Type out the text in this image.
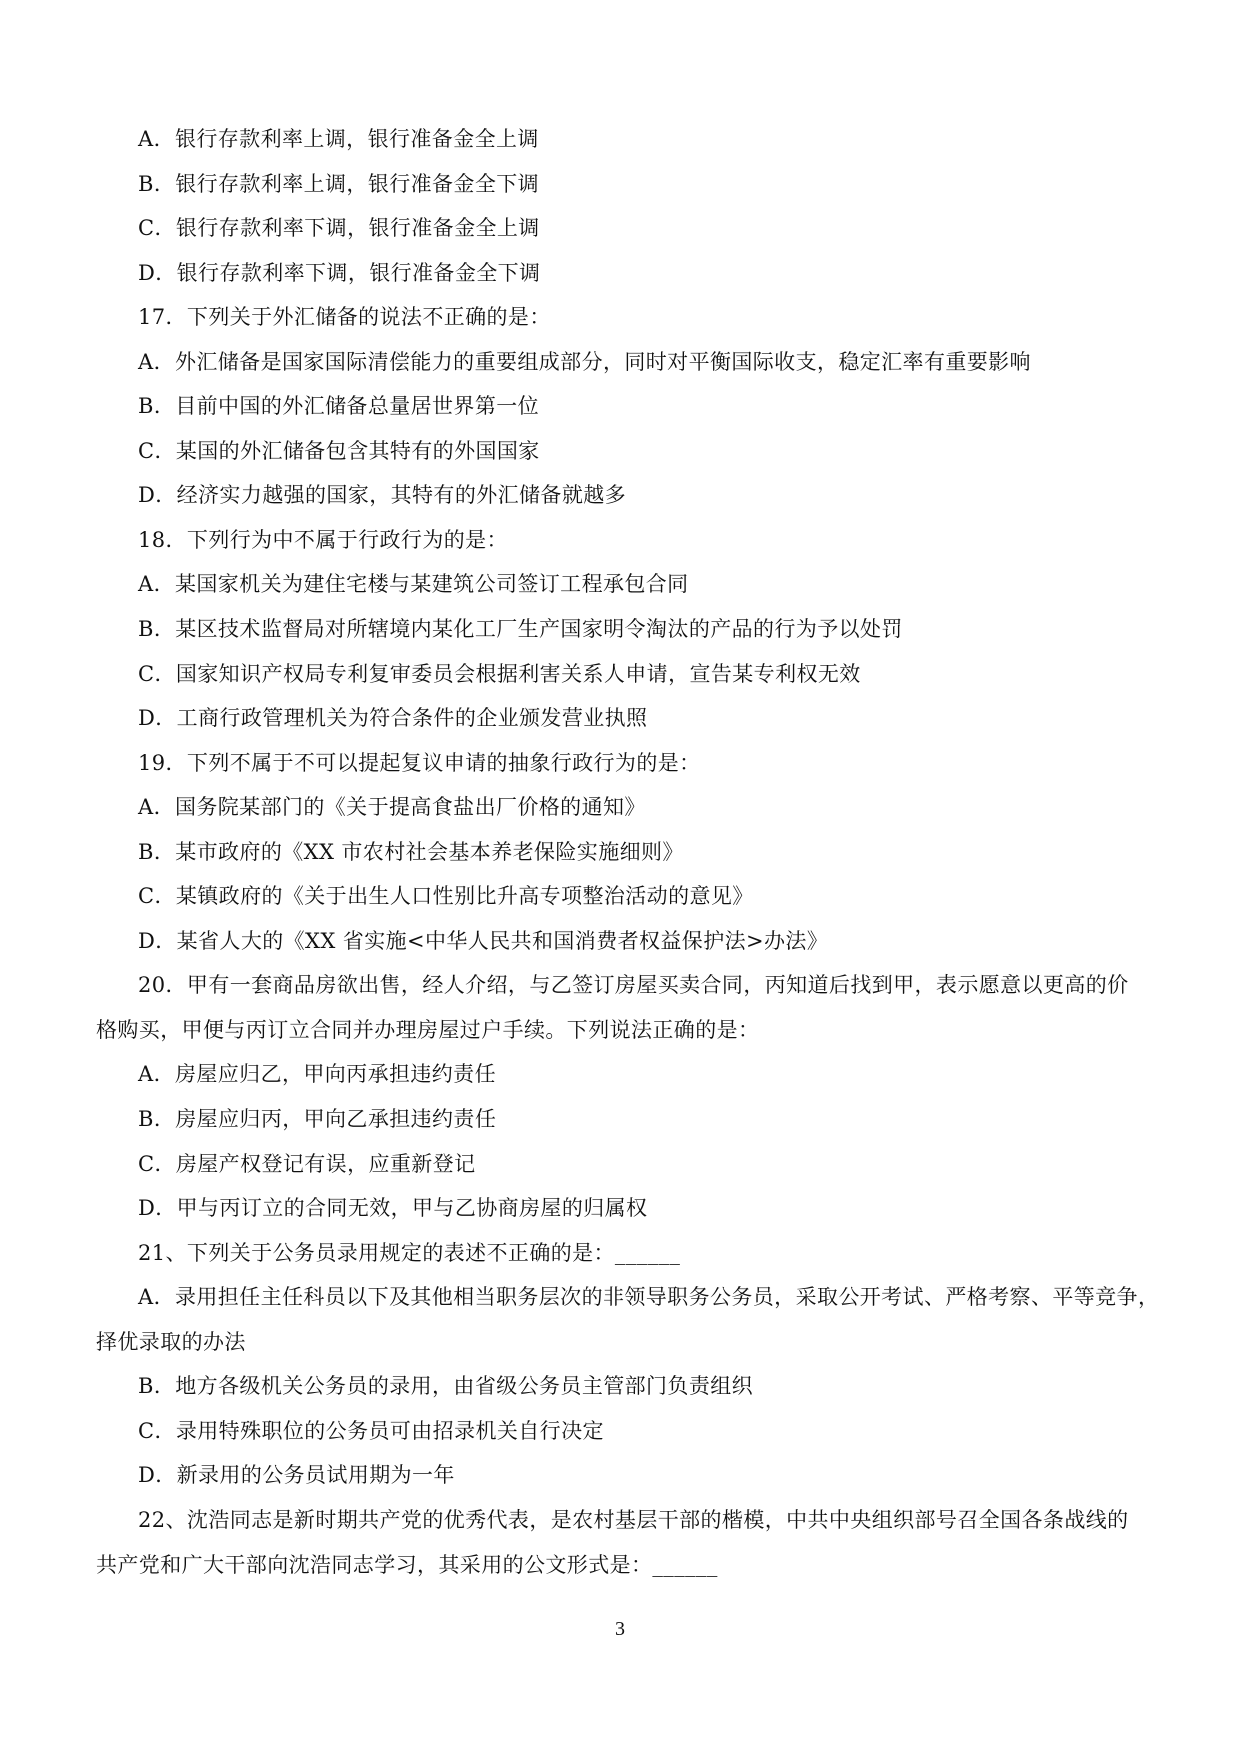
A．银行存款利率上调，银行准备金全上调
B．银行存款利率上调，银行准备金全下调
C．银行存款利率下调，银行准备金全上调
D．银行存款利率下调，银行准备金全下调
17．下列关于外汇储备的说法不正确的是：
A．外汇储备是国家国际清偿能力的重要组成部分，同时对平衡国际收支，稳定汇率有重要影响
B．目前中国的外汇储备总量居世界第一位
C．某国的外汇储备包含其特有的外国国家
D．经济实力越强的国家，其特有的外汇储备就越多
18．下列行为中不属于行政行为的是：
A．某国家机关为建住宅楼与某建筑公司签订工程承包合同
B．某区技术监督局对所辖境内某化工厂生产国家明令淘汰的产品的行为予以处罚
C．国家知识产权局专利复审委员会根据利害关系人申请，宣告某专利权无效
D．工商行政管理机关为符合条件的企业颁发营业执照
19．下列不属于不可以提起复议申请的抽象行政行为的是：
A．国务院某部门的《关于提高食盐出厂价格的通知》
B．某市政府的《XX 市农村社会基本养老保险实施细则》
C．某镇政府的《关于出生人口性别比升高专项整治活动的意见》
D．某省人大的《XX 省实施<中华人民共和国消费者权益保护法>办法》
20．甲有一套商品房欲出售，经人介绍，与乙签订房屋买卖合同，丙知道后找到甲，表示愿意以更高的价
格购买，甲便与丙订立合同并办理房屋过户手续。下列说法正确的是：
A．房屋应归乙，甲向丙承担违约责任
B．房屋应归丙，甲向乙承担违约责任
C．房屋产权登记有误，应重新登记
D．甲与丙订立的合同无效，甲与乙协商房屋的归属权
21、下列关于公务员录用规定的表述不正确的是：______
A．录用担任主任科员以下及其他相当职务层次的非领导职务公务员，采取公开考试、严格考察、平等竞争，
择优录取的办法
B．地方各级机关公务员的录用，由省级公务员主管部门负责组织
C．录用特殊职位的公务员可由招录机关自行决定
D．新录用的公务员试用期为一年
22、沈浩同志是新时期共产党的优秀代表，是农村基层干部的楷模，中共中央组织部号召全国各条战线的
共产党和广大干部向沈浩同志学习，其采用的公文形式是：______
3
